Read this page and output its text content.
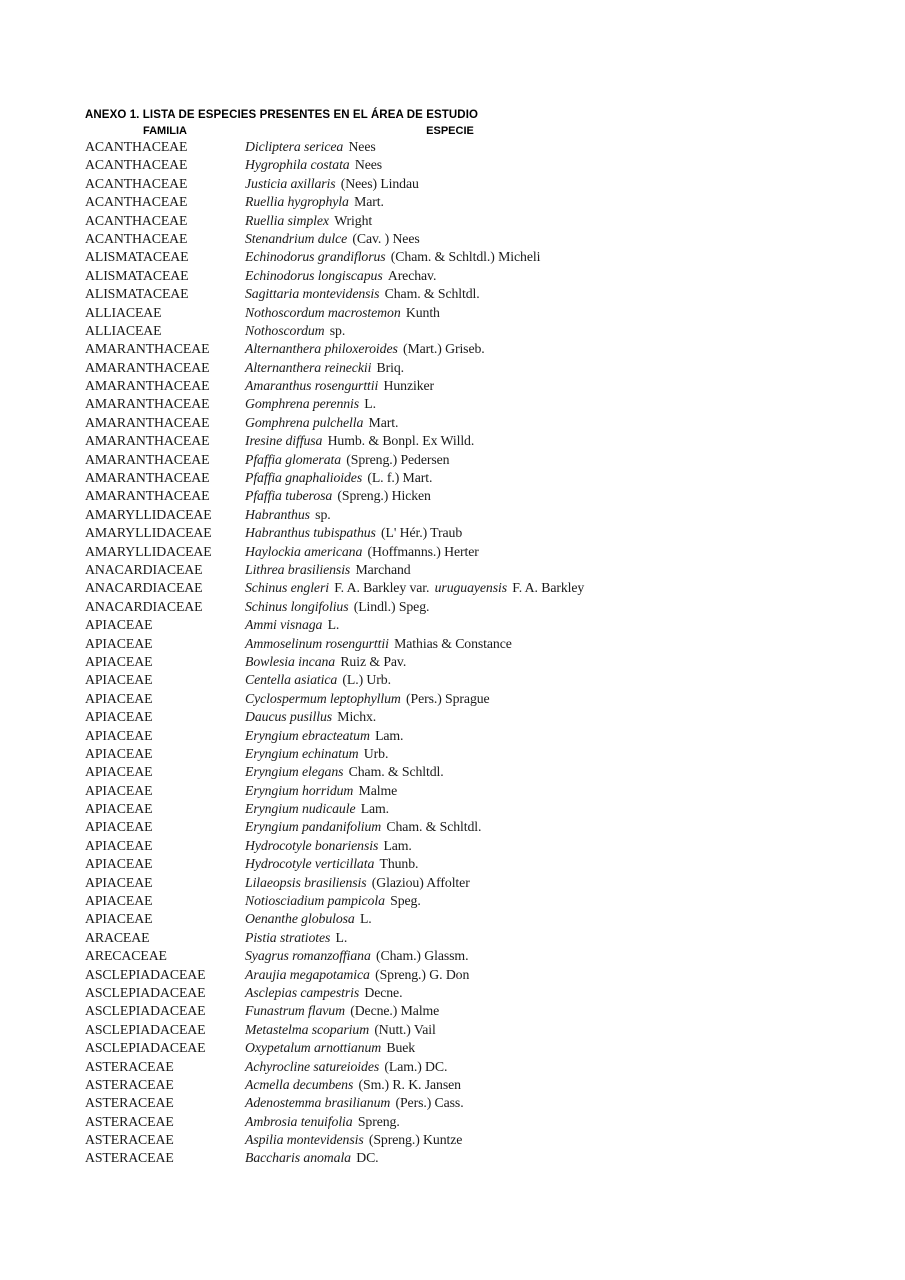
ANEXO 1. LISTA DE ESPECIES PRESENTES EN EL ÁREA DE ESTUDIO
FAMILIA	ESPECIE
ACANTHACEAE	Dicliptera sericea Nees
ACANTHACEAE	Hygrophila costata Nees
ACANTHACEAE	Justicia axillaris (Nees) Lindau
ACANTHACEAE	Ruellia hygrophyla Mart.
ACANTHACEAE	Ruellia simplex Wright
ACANTHACEAE	Stenandrium dulce (Cav. ) Nees
ALISMATACEAE	Echinodorus grandiflorus (Cham. & Schltdl.) Micheli
ALISMATACEAE	Echinodorus longiscapus Arechav.
ALISMATACEAE	Sagittaria montevidensis Cham. & Schltdl.
ALLIACEAE	Nothoscordum macrostemon Kunth
ALLIACEAE	Nothoscordum sp.
AMARANTHACEAE	Alternanthera philoxeroides (Mart.) Griseb.
AMARANTHACEAE	Alternanthera reineckii Briq.
AMARANTHACEAE	Amaranthus rosengurttii Hunziker
AMARANTHACEAE	Gomphrena perennis L.
AMARANTHACEAE	Gomphrena pulchella Mart.
AMARANTHACEAE	Iresine diffusa Humb. & Bonpl. Ex Willd.
AMARANTHACEAE	Pfaffia glomerata (Spreng.) Pedersen
AMARANTHACEAE	Pfaffia gnaphalioides (L. f.) Mart.
AMARANTHACEAE	Pfaffia tuberosa (Spreng.) Hicken
AMARYLLIDACEAE	Habranthus sp.
AMARYLLIDACEAE	Habranthus tubispathus (L' Hér.) Traub
AMARYLLIDACEAE	Haylockia americana (Hoffmanns.) Herter
ANACARDIACEAE	Lithrea brasiliensis Marchand
ANACARDIACEAE	Schinus engleri F. A. Barkley var. uruguayensis F. A. Barkley
ANACARDIACEAE	Schinus longifolius (Lindl.) Speg.
APIACEAE	Ammi visnaga L.
APIACEAE	Ammoselinum rosengurttii Mathias & Constance
APIACEAE	Bowlesia incana Ruiz & Pav.
APIACEAE	Centella asiatica (L.) Urb.
APIACEAE	Cyclospermum leptophyllum (Pers.) Sprague
APIACEAE	Daucus pusillus Michx.
APIACEAE	Eryngium ebracteatum Lam.
APIACEAE	Eryngium echinatum Urb.
APIACEAE	Eryngium elegans Cham. & Schltdl.
APIACEAE	Eryngium horridum Malme
APIACEAE	Eryngium nudicaule Lam.
APIACEAE	Eryngium pandanifolium Cham. & Schltdl.
APIACEAE	Hydrocotyle bonariensis Lam.
APIACEAE	Hydrocotyle verticillata Thunb.
APIACEAE	Lilaeopsis brasiliensis (Glaziou) Affolter
APIACEAE	Notiosciadium pampicola Speg.
APIACEAE	Oenanthe globulosa L.
ARACEAE	Pistia stratiotes L.
ARECACEAE	Syagrus romanzoffiana (Cham.) Glassm.
ASCLEPIADACEAE	Araujia megapotamica (Spreng.) G. Don
ASCLEPIADACEAE	Asclepias campestris Decne.
ASCLEPIADACEAE	Funastrum flavum (Decne.) Malme
ASCLEPIADACEAE	Metastelma scoparium (Nutt.) Vail
ASCLEPIADACEAE	Oxypetalum arnottianum Buek
ASTERACEAE	Achyrocline satureioides (Lam.) DC.
ASTERACEAE	Acmella decumbens (Sm.) R. K. Jansen
ASTERACEAE	Adenostemma brasilianum (Pers.) Cass.
ASTERACEAE	Ambrosia tenuifolia Spreng.
ASTERACEAE	Aspilia montevidensis (Spreng.) Kuntze
ASTERACEAE	Baccharis anomala DC.
